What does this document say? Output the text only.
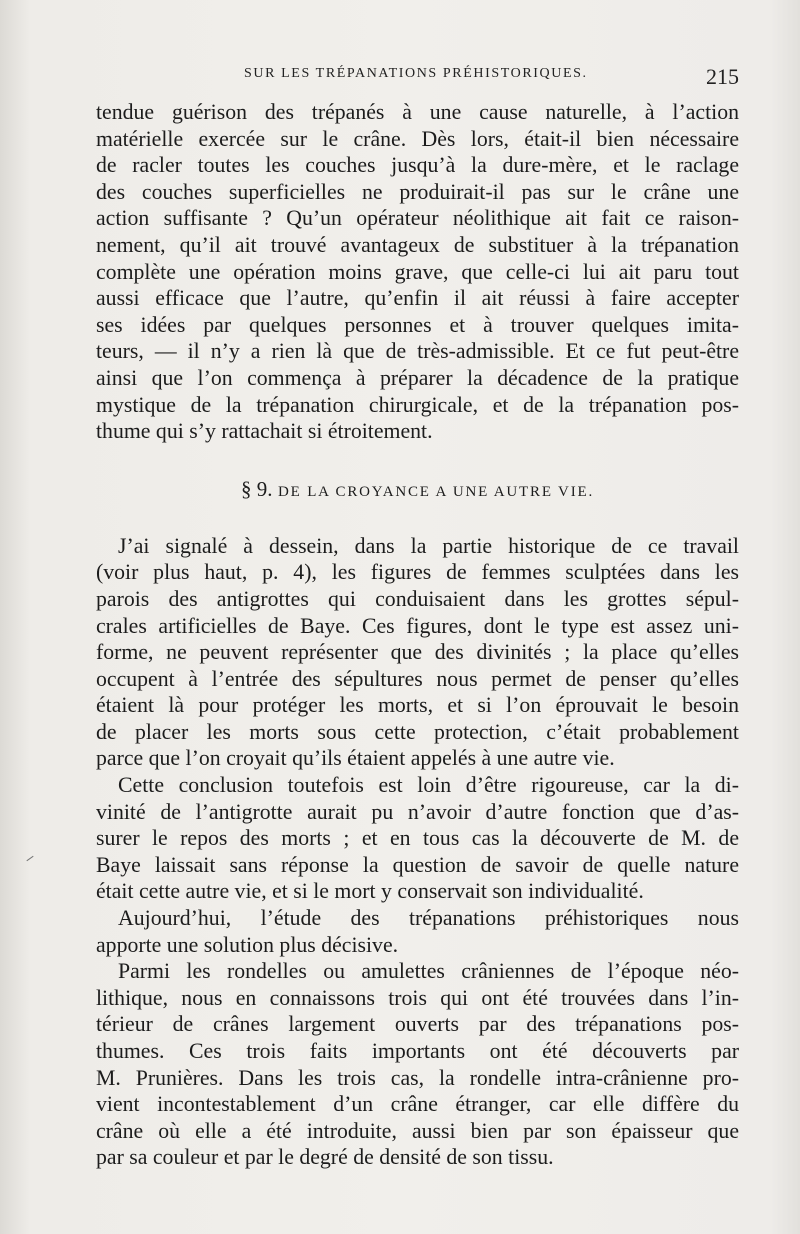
SUR LES TRÉPANATIONS PRÉHISTORIQUES.	215
tendue guérison des trépanés à une cause naturelle, à l’action
matérielle exercée sur le crâne. Dès lors, était-il bien nécessaire
de racler toutes les couches jusqu’à la dure-mère, et le raclage
des couches superficielles ne produirait-il pas sur le crâne une
action suffisante ? Qu’un opérateur néolithique ait fait ce raison-
nement, qu’il ait trouvé avantageux de substituer à la trépanation
complète une opération moins grave, que celle-ci lui ait paru tout
aussi efficace que l’autre, qu’enfin il ait réussi à faire accepter
ses idées par quelques personnes et à trouver quelques imita-
teurs, — il n’y a rien là que de très-admissible. Et ce fut peut-être
ainsi que l’on commença à préparer la décadence de la pratique
mystique de la trépanation chirurgicale, et de la trépanation pos-
thume qui s’y rattachait si étroitement.
§ 9. DE LA CROYANCE A UNE AUTRE VIE.
J’ai signalé à dessein, dans la partie historique de ce travail
(voir plus haut, p. 4), les figures de femmes sculptées dans les
parois des antigrottes qui conduisaient dans les grottes sépul-
crales artificielles de Baye. Ces figures, dont le type est assez uni-
forme, ne peuvent représenter que des divinités ; la place qu’elles
occupent à l’entrée des sépultures nous permet de penser qu’elles
étaient là pour protéger les morts, et si l’on éprouvait le besoin
de placer les morts sous cette protection, c’était probablement
parce que l’on croyait qu’ils étaient appelés à une autre vie.
Cette conclusion toutefois est loin d’être rigoureuse, car la di-
vinité de l’antigrotte aurait pu n’avoir d’autre fonction que d’as-
surer le repos des morts ; et en tous cas la découverte de M. de
Baye laissait sans réponse la question de savoir de quelle nature
était cette autre vie, et si le mort y conservait son individualité.
Aujourd’hui, l’étude des trépanations préhistoriques nous
apporte une solution plus décisive.
Parmi les rondelles ou amulettes crâniennes de l’époque néo-
lithique, nous en connaissons trois qui ont été trouvées dans l’in-
térieur de crânes largement ouverts par des trépanations pos-
thumes. Ces trois faits importants ont été découverts par
M. Prunières. Dans les trois cas, la rondelle intra-crânienne pro-
vient incontestablement d’un crâne étranger, car elle diffère du
crâne où elle a été introduite, aussi bien par son épaisseur que
par sa couleur et par le degré de densité de son tissu.
